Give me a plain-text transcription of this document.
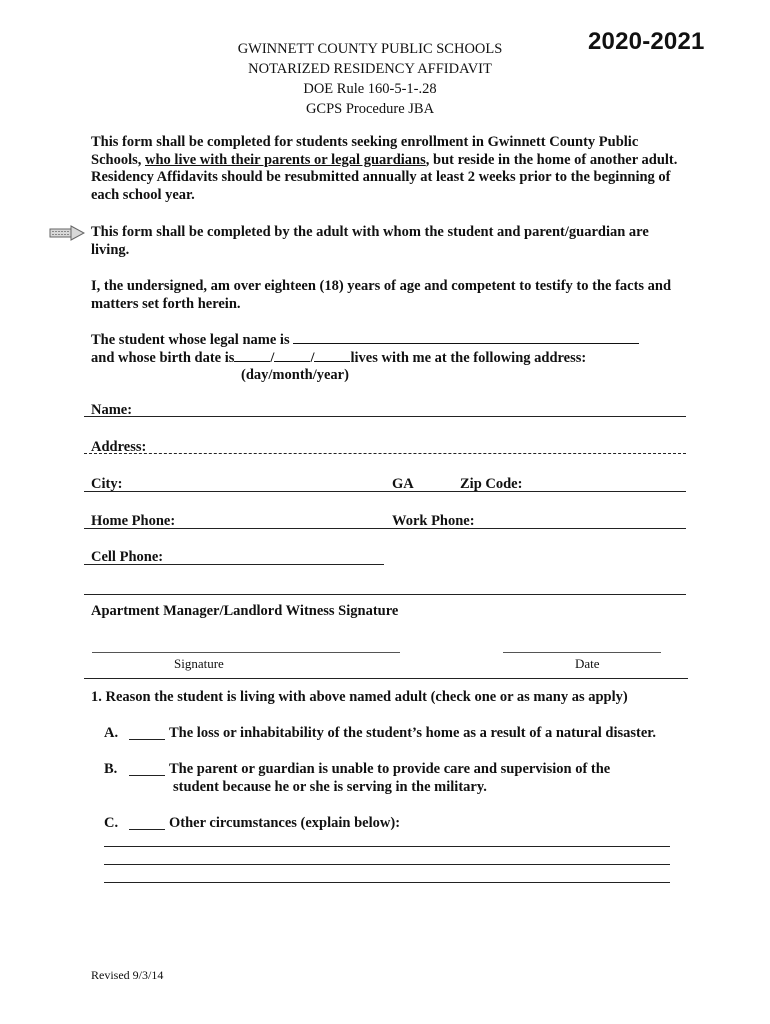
2020-2021
GWINNETT COUNTY PUBLIC SCHOOLS
NOTARIZED RESIDENCY AFFIDAVIT
DOE Rule 160-5-1-.28
GCPS Procedure JBA
This form shall be completed for students seeking enrollment in Gwinnett County Public Schools, who live with their parents or legal guardians, but reside in the home of another adult. Residency Affidavits should be resubmitted annually at least 2 weeks prior to the beginning of each school year.
This form shall be completed by the adult with whom the student and parent/guardian are living.
I, the undersigned, am over eighteen (18) years of age and competent to testify to the facts and matters set forth herein.
The student whose legal name is
and whose birth date is / / lives with me at the following address:
(day/month/year)
Name:
Address:
City:	GA	Zip Code:
Home Phone:	Work Phone:
Cell Phone:
Apartment Manager/Landlord Witness Signature
Signature	Date
1. Reason the student is living with above named adult (check one or as many as apply)
A.	The loss or inhabitability of the student’s home as a result of a natural disaster.
B.	The parent or guardian is unable to provide care and supervision of the
student because he or she is serving in the military.
C.	Other circumstances (explain below):
Revised 9/3/14
